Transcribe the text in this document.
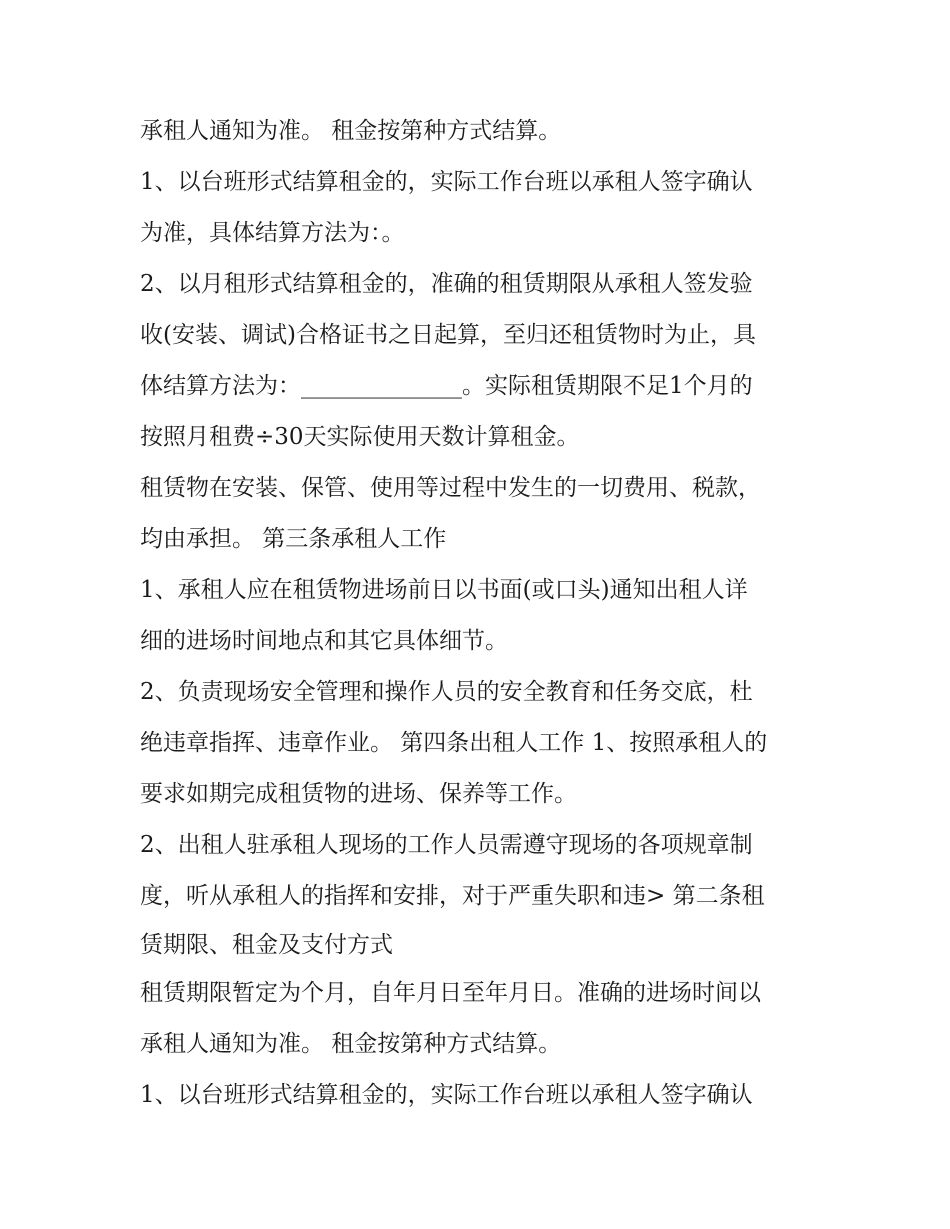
承租人通知为准。 租金按第种方式结算。
1、以台班形式结算租金的，实际工作台班以承租人签字确认
为准，具体结算方法为：。
2、以月租形式结算租金的，准确的租赁期限从承租人签发验
收(安装、调试)合格证书之日起算，至归还租赁物时为止，具
体结算方法为：______________。实际租赁期限不足1个月的
按照月租费÷30天实际使用天数计算租金。
租赁物在安装、保管、使用等过程中发生的一切费用、税款，
均由承担。 第三条承租人工作
1、承租人应在租赁物进场前日以书面(或口头)通知出租人详
细的进场时间地点和其它具体细节。
2、负责现场安全管理和操作人员的安全教育和任务交底，杜
绝违章指挥、违章作业。 第四条出租人工作 1、按照承租人的
要求如期完成租赁物的进场、保养等工作。
2、出租人驻承租人现场的工作人员需遵守现场的各项规章制
度，听从承租人的指挥和安排，对于严重失职和违> 第二条租
赁期限、租金及支付方式
租赁期限暂定为个月，自年月日至年月日。准确的进场时间以
承租人通知为准。 租金按第种方式结算。
1、以台班形式结算租金的，实际工作台班以承租人签字确认
